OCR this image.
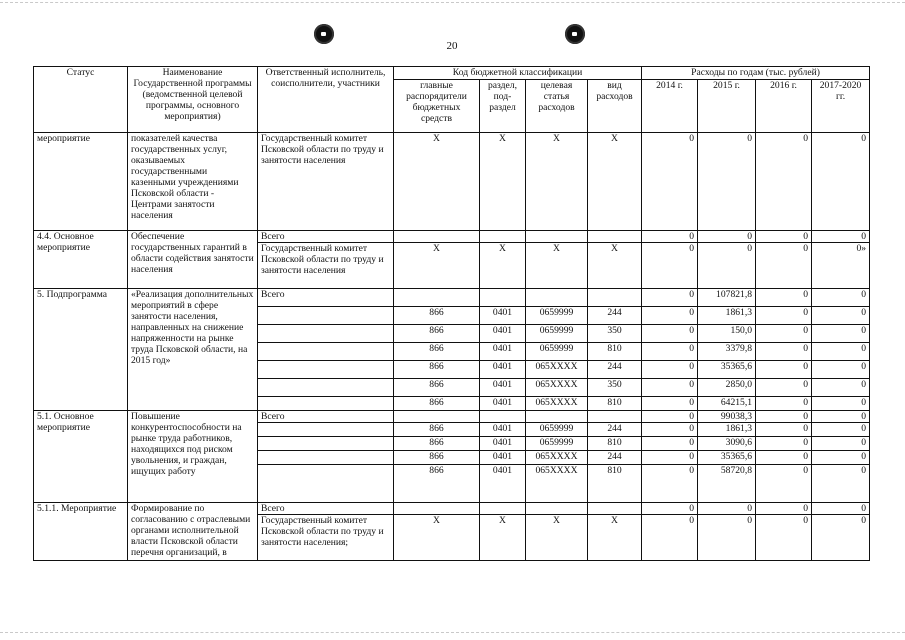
20
Статус	Наименование Государственной программы (ведомственной целевой программы, основного мероприятия)	Ответственный исполнитель, соисполнители, участники	Код бюджетной классификации				Расходы по годам (тыс. рублей)			
			главные распорядители бюджетных средств	раздел, под-раздел	целевая статья расходов	вид расходов	2014 г.	2015 г.	2016 г.	2017-2020 гг.
мероприятие	показателей качества государственных услуг, оказываемых государственными казенными учреждениями Псковской области - Центрами занятости населения	Государственный комитет Псковской области по труду и занятости населения	X	X	X	X	0	0	0	0
4.4. Основное мероприятие	Обеспечение государственных гарантий в области содействия занятости населения	Всего					0	0	0	0
		Государственный комитет Псковской области по труду и занятости населения	X	X	X	X	0	0	0	0»
5. Подпрограмма	«Реализация дополнительных мероприятий в сфере занятости населения, направленных на снижение напряженности на рынке труда Псковской области, на 2015 год»	Всего					0	107821,8	0	0
			866	0401	0659999	244	0	1861,3	0	0
			866	0401	0659999	350	0	150,0	0	0
			866	0401	0659999	810	0	3379,8	0	0
			866	0401	065XXXX	244	0	35365,6	0	0
			866	0401	065XXXX	350	0	2850,0	0	0
			866	0401	065XXXX	810	0	64215,1	0	0
5.1. Основное мероприятие	Повышение конкурентоспособности на рынке труда работников, находящихся под риском увольнения, и граждан, ищущих работу	Всего					0	99038,3	0	0
			866	0401	0659999	244	0	1861,3	0	0
			866	0401	0659999	810	0	3090,6	0	0
			866	0401	065XXXX	244	0	35365,6	0	0
			866	0401	065XXXX	810	0	58720,8	0	0
5.1.1. Мероприятие	Формирование по согласованию с отраслевыми органами исполнительной власти Псковской области перечня организаций, в	Всего					0	0	0	0
		Государственный комитет Псковской области по труду и занятости населения;	X	X	X	X	0	0	0	0
